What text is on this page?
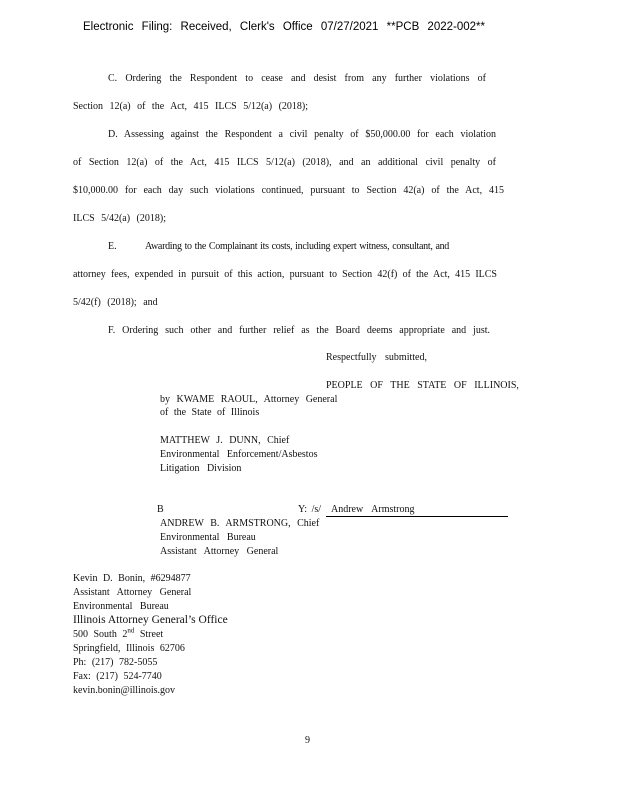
Electronic Filing: Received, Clerk's Office 07/27/2021 **PCB 2022-002**
C. Ordering the Respondent to cease and desist from any further violations of
Section 12(a) of the Act, 415 ILCS 5/12(a) (2018);
D. Assessing against the Respondent a civil penalty of $50,000.00 for each violation
of Section 12(a) of the Act, 415 ILCS 5/12(a) (2018), and an additional civil penalty of
$10,000.00 for each day such violations continued, pursuant to Section 42(a) of the Act, 415
ILCS 5/42(a) (2018);
E.	Awarding to the Complainant its costs, including expert witness, consultant, and
attorney fees, expended in pursuit of this action, pursuant to Section 42(f) of the Act, 415 ILCS
5/42(f) (2018); and
F. Ordering such other and further relief as the Board deems appropriate and just.
Respectfully submitted,
PEOPLE OF THE STATE OF ILLINOIS,
by KWAME RAOUL, Attorney General
of the State of Illinois
MATTHEW J. DUNN, Chief
Environmental Enforcement/Asbestos
Litigation Division
B	Y: /s/ Andrew Armstrong
ANDREW B. ARMSTRONG, Chief
Environmental Bureau
Assistant Attorney General
Kevin D. Bonin, #6294877
Assistant Attorney General
Environmental Bureau
Illinois Attorney General’s Office
500 South 2nd Street
Springfield, Illinois 62706
Ph: (217) 782-5055
Fax: (217) 524-7740
kevin.bonin@illinois.gov
9
